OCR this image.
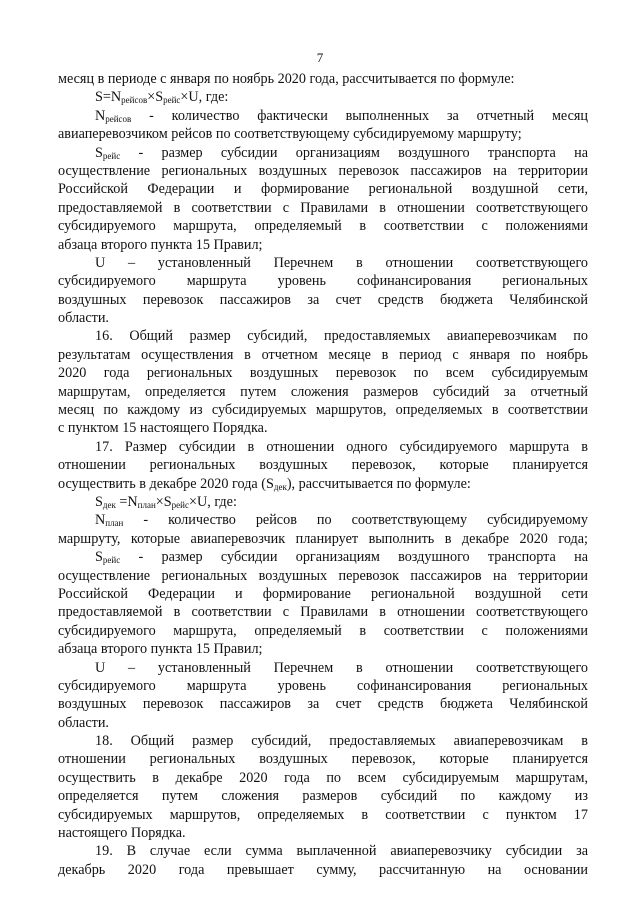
7
месяц в периоде с января по ноябрь 2020 года, рассчитывается по формуле:
$S=N_{рейсов}\times S_{рейс}\times U$, где:
$N_{рейсов}$ - количество фактически выполненных за отчетный месяц
авиаперевозчиком рейсов по соответствующему субсидируемому маршруту;
$S_{рейс}$ - размер субсидии организациям воздушного транспорта на
осуществление региональных воздушных перевозок пассажиров на территории
Российской Федерации и формирование региональной воздушной сети,
предоставляемой в соответствии с Правилами в отношении соответствующего
субсидируемого маршрута, определяемый в соответствии с положениями
абзаца второго пункта 15 Правил;
U – установленный Перечнем в отношении соответствующего
субсидируемого маршрута уровень софинансирования региональных
воздушных перевозок пассажиров за счет средств бюджета Челябинской
области.
16. Общий размер субсидий, предоставляемых авиаперевозчикам по
результатам осуществления в отчетном месяце в период с января по ноябрь
2020 года региональных воздушных перевозок по всем субсидируемым
маршрутам, определяется путем сложения размеров субсидий за отчетный
месяц по каждому из субсидируемых маршрутов, определяемых в соответствии
с пунктом 15 настоящего Порядка.
17. Размер субсидии в отношении одного субсидируемого маршрута в
отношении региональных воздушных перевозок, которые планируется
осуществить в декабре 2020 года $(S_{дек})$, рассчитывается по формуле:
$S_{дек} =N_{план}\times S_{рейс}\times U$, где:
$N_{план}$ - количество рейсов по соответствующему субсидируемому
маршруту, которые авиаперевозчик планирует выполнить в декабре 2020 года;
$S_{рейс}$ - размер субсидии организациям воздушного транспорта на
осуществление региональных воздушных перевозок пассажиров на территории
Российской Федерации и формирование региональной воздушной сети
предоставляемой в соответствии с Правилами в отношении соответствующего
субсидируемого маршрута, определяемый в соответствии с положениями
абзаца второго пункта 15 Правил;
U – установленный Перечнем в отношении соответствующего
субсидируемого маршрута уровень софинансирования региональных
воздушных перевозок пассажиров за счет средств бюджета Челябинской
области.
18. Общий размер субсидий, предоставляемых авиаперевозчикам в
отношении региональных воздушных перевозок, которые планируется
осуществить в декабре 2020 года по всем субсидируемым маршрутам,
определяется путем сложения размеров субсидий по каждому из
субсидируемых маршрутов, определяемых в соответствии с пунктом 17
настоящего Порядка.
19. В случае если сумма выплаченной авиаперевозчику субсидии за
декабрь 2020 года превышает сумму, рассчитанную на основании
